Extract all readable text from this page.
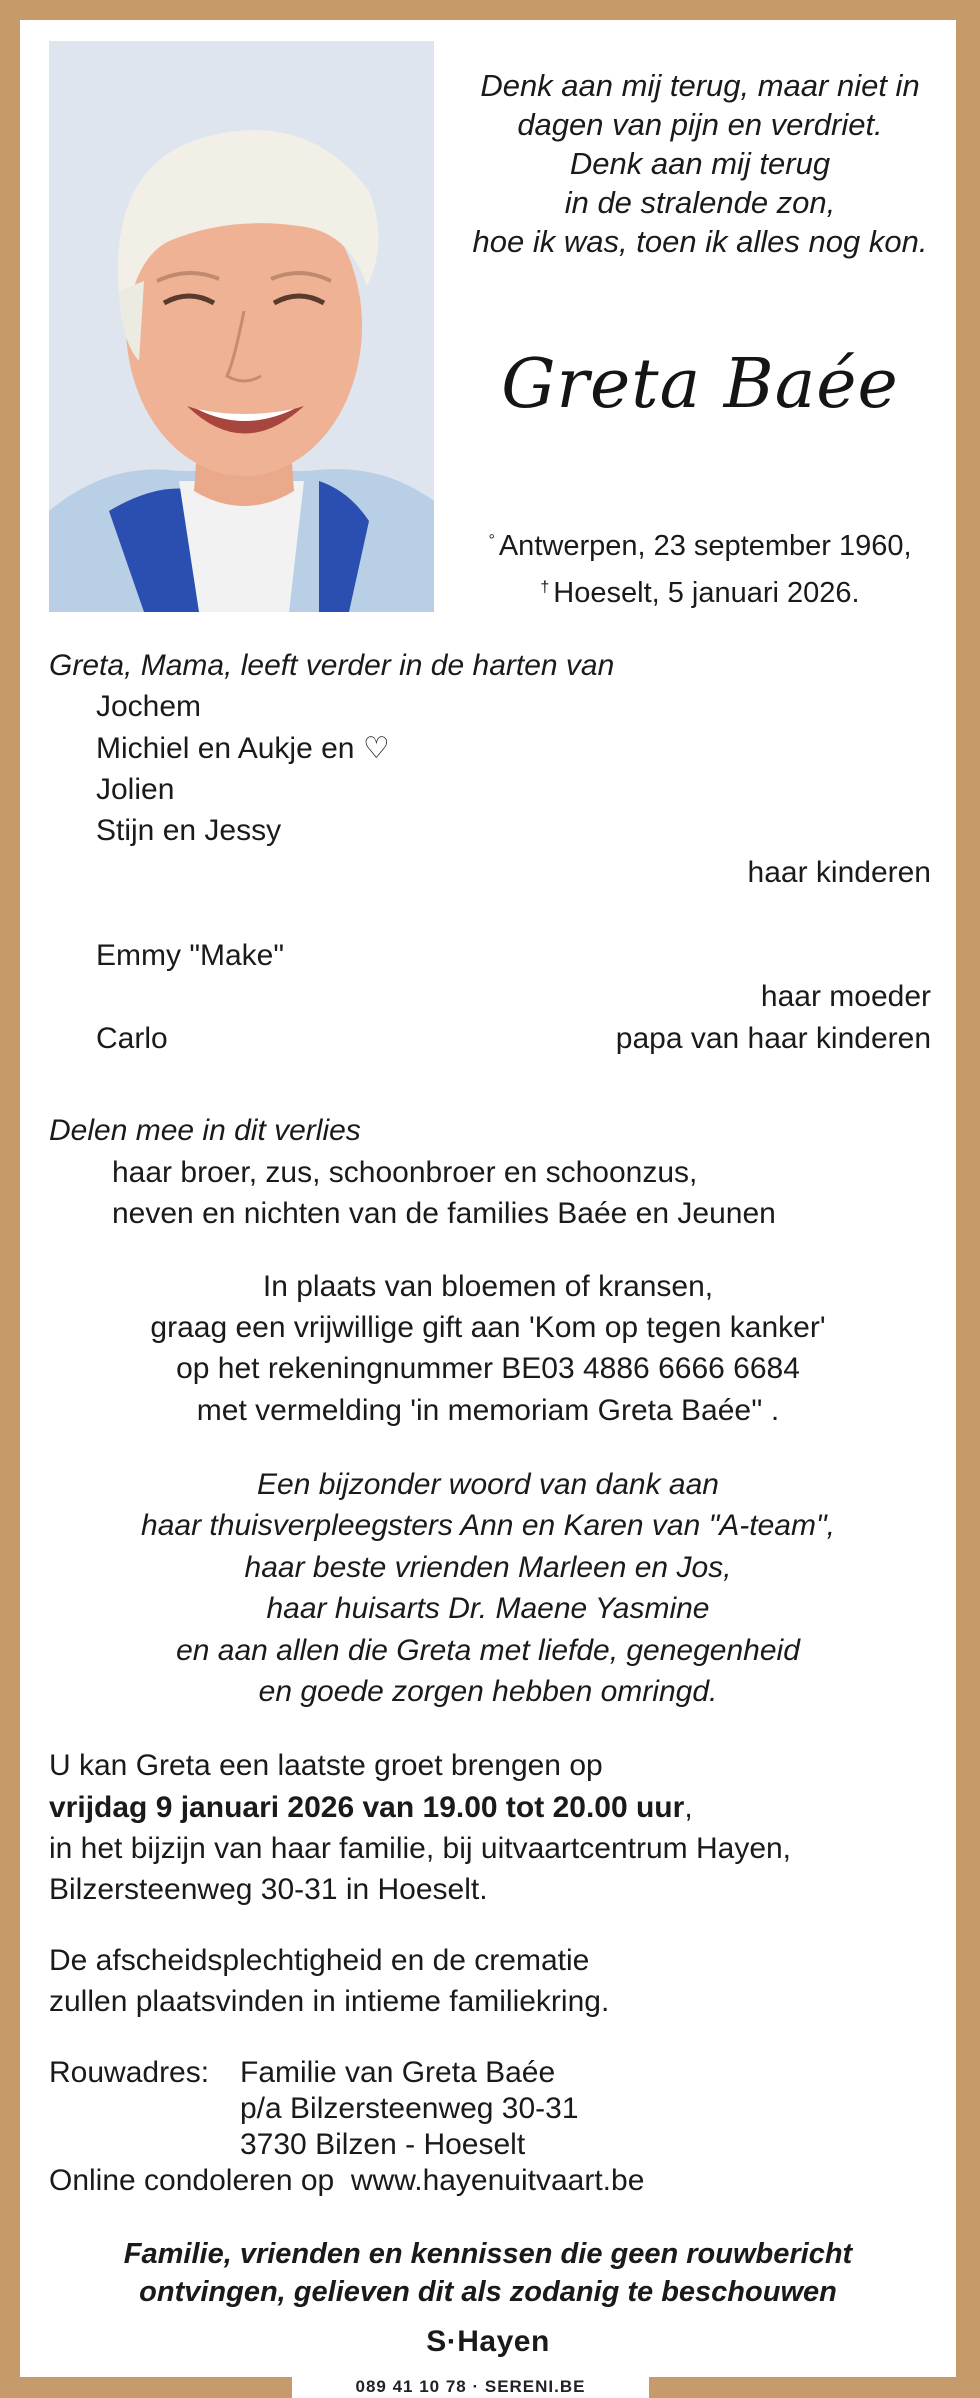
Denk aan mij terug, maar niet in
dagen van pijn en verdriet.
Denk aan mij terug
in de stralende zon,
hoe ik was, toen ik alles nog kon.
Greta Baée
° Antwerpen, 23 september 1960,
† Hoeselt, 5 januari 2026.
Greta, Mama, leeft verder in de harten van
Jochem
Michiel en Aukje en ♡
Jolien
Stijn en Jessy
haar kinderen
Emmy "Make"
haar moeder
Carlo	papa van haar kinderen
Delen mee in dit verlies
haar broer, zus, schoonbroer en schoonzus,
neven en nichten van de families Baée en Jeunen
In plaats van bloemen of kransen,
graag een vrijwillige gift aan 'Kom op tegen kanker'
op het rekeningnummer BE03 4886 6666 6684
met vermelding 'in memoriam Greta Baée'' .
Een bijzonder woord van dank aan
haar thuisverpleegsters Ann en Karen van "A-team",
haar beste vrienden Marleen en Jos,
haar huisarts Dr. Maene Yasmine
en aan allen die Greta met liefde, genegenheid
en goede zorgen hebben omringd.
U kan Greta een laatste groet brengen op
vrijdag 9 januari 2026 van 19.00 tot 20.00 uur,
in het bijzijn van haar familie, bij uitvaartcentrum Hayen,
Bilzersteenweg 30-31 in Hoeselt.
De afscheidsplechtigheid en de crematie
zullen plaatsvinden in intieme familiekring.
Rouwadres: Familie van Greta Baée
p/a Bilzersteenweg 30-31
3730 Bilzen - Hoeselt
Online condoleren op www.hayenuitvaart.be
Familie, vrienden en kennissen die geen rouwbericht
ontvingen, gelieven dit als zodanig te beschouwen
S·Hayen
089 41 10 78 · SERENI.BE
